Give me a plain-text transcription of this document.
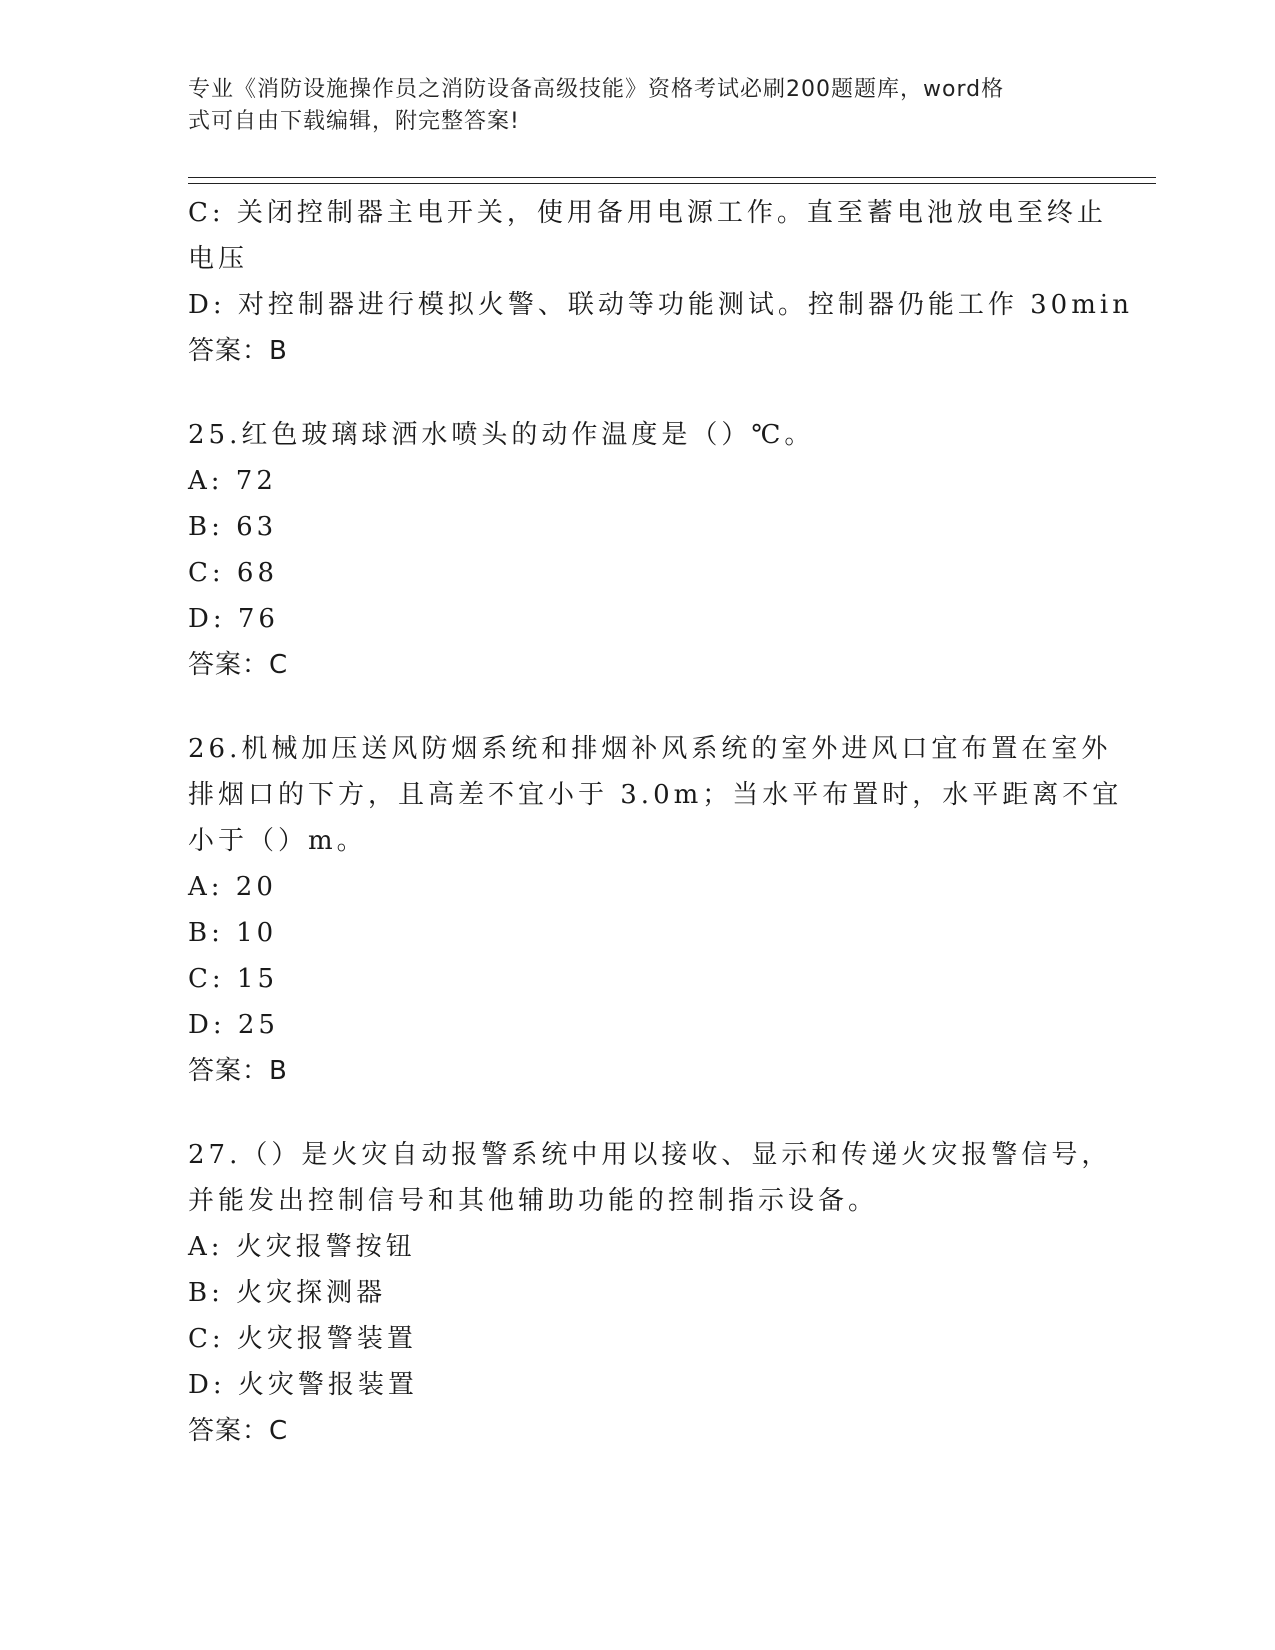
专业《消防设施操作员之消防设备高级技能》资格考试必刷200题题库，word格
式可自由下载编辑，附完整答案!
C: 关闭控制器主电开关，使用备用电源工作。直至蓄电池放电至终止
电压
D: 对控制器进行模拟火警、联动等功能测试。控制器仍能工作 30min
答案：B
25.红色玻璃球洒水喷头的动作温度是（）℃。
A: 72
B: 63
C: 68
D: 76
答案：C
26.机械加压送风防烟系统和排烟补风系统的室外进风口宜布置在室外
排烟口的下方，且高差不宜小于 3.0m；当水平布置时，水平距离不宜
小于（）m。
A: 20
B: 10
C: 15
D: 25
答案：B
27.（）是火灾自动报警系统中用以接收、显示和传递火灾报警信号，
并能发出控制信号和其他辅助功能的控制指示设备。
A: 火灾报警按钮
B: 火灾探测器
C: 火灾报警装置
D: 火灾警报装置
答案：C
